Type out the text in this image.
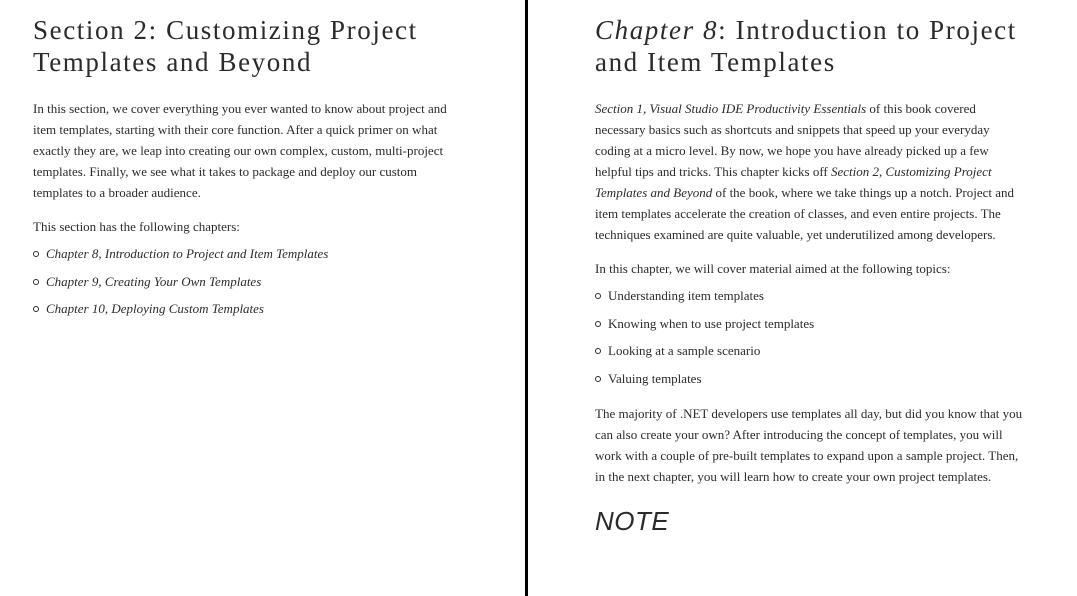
Section 2: Customizing Project Templates and Beyond

In this section, we cover everything you ever wanted to know about project and item templates, starting with their core function. After a quick primer on what exactly they are, we leap into creating our own complex, custom, multi-project templates. Finally, we see what it takes to package and deploy our custom templates to a broader audience.

This section has the following chapters:

Chapter 8, Introduction to Project and Item Templates
Chapter 9, Creating Your Own Templates
Chapter 10, Deploying Custom Templates
Chapter 8: Introduction to Project and Item Templates

Section 1, Visual Studio IDE Productivity Essentials of this book covered necessary basics such as shortcuts and snippets that speed up your everyday coding at a micro level. By now, we hope you have already picked up a few helpful tips and tricks. This chapter kicks off Section 2, Customizing Project Templates and Beyond of the book, where we take things up a notch. Project and item templates accelerate the creation of classes, and even entire projects. The techniques examined are quite valuable, yet underutilized among developers.

In this chapter, we will cover material aimed at the following topics:

Understanding item templates
Knowing when to use project templates
Looking at a sample scenario
Valuing templates

The majority of .NET developers use templates all day, but did you know that you can also create your own? After introducing the concept of templates, you will work with a couple of pre-built templates to expand upon a sample project. Then, in the next chapter, you will learn how to create your own project templates.

NOTE
